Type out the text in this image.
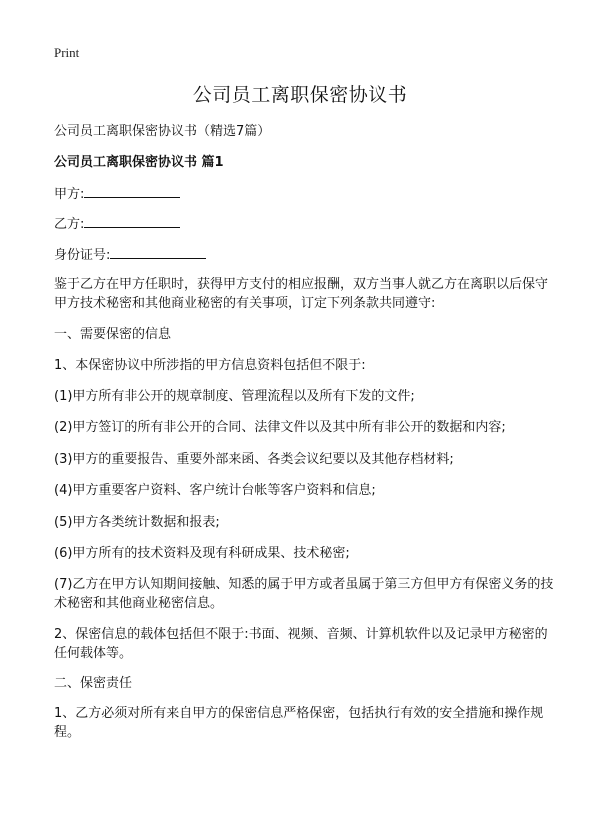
Print
公司员工离职保密协议书

公司员工离职保密协议书（精选7篇）

公司员工离职保密协议书 篇1

甲方:

乙方:

身份证号:

鉴于乙方在甲方任职时，获得甲方支付的相应报酬，双方当事人就乙方在离职以后保守甲方技术秘密和其他商业秘密的有关事项，订定下列条款共同遵守:

一、需要保密的信息

1、本保密协议中所涉指的甲方信息资料包括但不限于:

(1)甲方所有非公开的规章制度、管理流程以及所有下发的文件;

(2)甲方签订的所有非公开的合同、法律文件以及其中所有非公开的数据和内容;

(3)甲方的重要报告、重要外部来函、各类会议纪要以及其他存档材料;

(4)甲方重要客户资料、客户统计台帐等客户资料和信息;

(5)甲方各类统计数据和报表;

(6)甲方所有的技术资料及现有科研成果、技术秘密;

(7)乙方在甲方认知期间接触、知悉的属于甲方或者虽属于第三方但甲方有保密义务的技术秘密和其他商业秘密信息。

2、保密信息的载体包括但不限于:书面、视频、音频、计算机软件以及记录甲方秘密的任何载体等。

二、保密责任

1、乙方必须对所有来自甲方的保密信息严格保密，包括执行有效的安全措施和操作规程。
